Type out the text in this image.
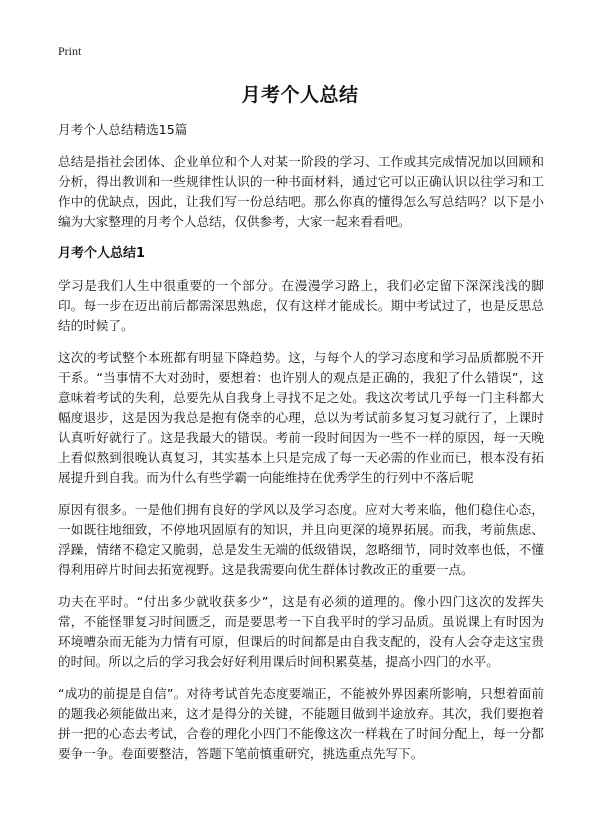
Print
月考个人总结

月考个人总结精选15篇

总结是指社会团体、企业单位和个人对某一阶段的学习、工作或其完成情况加以回顾和分析，得出教训和一些规律性认识的一种书面材料，通过它可以正确认识以往学习和工作中的优缺点，因此，让我们写一份总结吧。那么你真的懂得怎么写总结吗？以下是小编为大家整理的月考个人总结，仅供参考，大家一起来看看吧。

月考个人总结1

学习是我们人生中很重要的一个部分。在漫漫学习路上，我们必定留下深深浅浅的脚印。每一步在迈出前后都需深思熟虑，仅有这样才能成长。期中考试过了，也是反思总结的时候了。

这次的考试整个本班都有明显下降趋势。这，与每个人的学习态度和学习品质都脱不开干系。“当事情不大对劲时，要想着：也许别人的观点是正确的，我犯了什么错误”，这意味着考试的失利，总要先从自我身上寻找不足之处。我这次考试几乎每一门主科都大幅度退步，这是因为我总是抱有侥幸的心理，总以为考试前多复习复习就行了，上课时认真听好就行了。这是我最大的错误。考前一段时间因为一些不一样的原因，每一天晚上看似熬到很晚认真复习，其实基本上只是完成了每一天必需的作业而已，根本没有拓展提升到自我。而为什么有些学霸一向能维持在优秀学生的行列中不落后呢

原因有很多。一是他们拥有良好的学风以及学习态度。应对大考来临，他们稳住心态，一如既往地细致，不停地巩固原有的知识，并且向更深的境界拓展。而我，考前焦虑、浮躁，情绪不稳定又脆弱，总是发生无端的低级错误，忽略细节，同时效率也低，不懂得利用碎片时间去拓宽视野。这是我需要向优生群体讨教改正的重要一点。

功夫在平时。“付出多少就收获多少”，这是有必须的道理的。像小四门这次的发挥失常，不能怪罪复习时间匮乏，而是要思考一下自我平时的学习品质。虽说课上有时因为环境嘈杂而无能为力情有可原，但课后的时间都是由自我支配的，没有人会夺走这宝贵的时间。所以之后的学习我会好好利用课后时间积累莫基，提高小四门的水平。

“成功的前提是自信”。对待考试首先态度要端正，不能被外界因素所影响，只想着面前的题我必须能做出来，这才是得分的关键，不能题目做到半途放弃。其次，我们要抱着拼一把的心态去考试，合卷的理化小四门不能像这次一样栽在了时间分配上，每一分都要争一争。卷面要整洁，答题下笔前慎重研究，挑选重点先写下。
